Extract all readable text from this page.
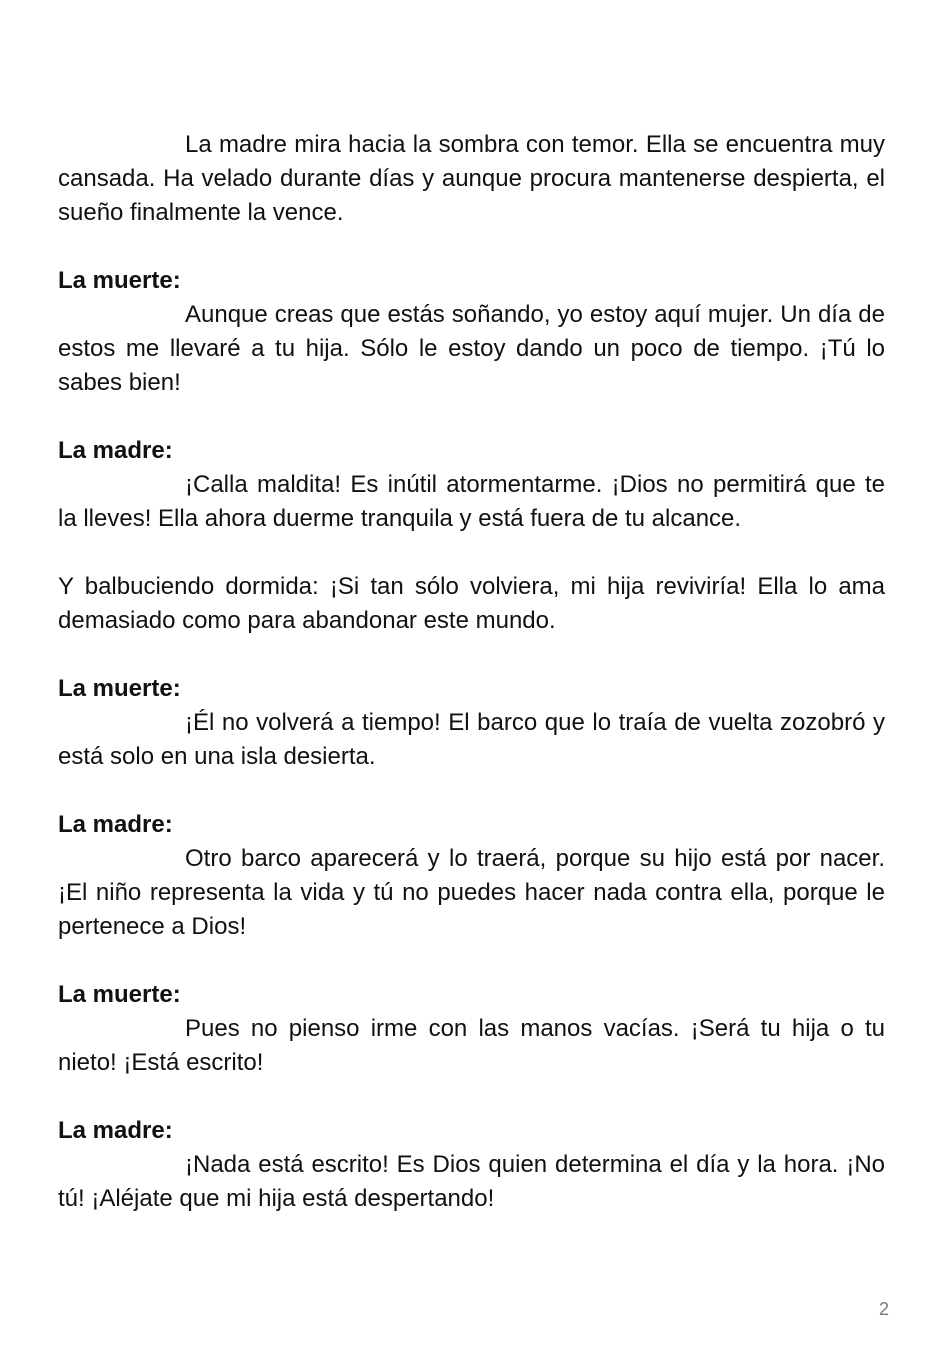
La madre mira hacia la sombra con temor. Ella se encuentra muy cansada. Ha velado durante días y aunque procura mantenerse despierta, el sueño finalmente la vence.

La muerte:

Aunque creas que estás soñando, yo estoy aquí mujer. Un día de estos me llevaré a tu hija. Sólo le estoy dando un poco de tiempo. ¡Tú lo sabes bien!

La madre:

¡Calla maldita! Es inútil atormentarme. ¡Dios no permitirá que te la lleves! Ella ahora duerme tranquila y está fuera de tu alcance.

Y balbuciendo dormida: ¡Si tan sólo volviera, mi hija reviviría! Ella lo ama demasiado como para abandonar este mundo.

La muerte:

¡Él no volverá a tiempo! El barco que lo traía de vuelta zozobró y está solo en una isla desierta.

La madre:

Otro barco aparecerá y lo traerá, porque su hijo está por nacer. ¡El niño representa la vida y tú no puedes hacer nada contra ella, porque le pertenece a Dios!

La muerte:

Pues no pienso irme con las manos vacías. ¡Será tu hija o tu nieto! ¡Está escrito!

La madre:

¡Nada está escrito! Es Dios quien determina el día y la hora. ¡No tú! ¡Aléjate que mi hija está despertando!

2
